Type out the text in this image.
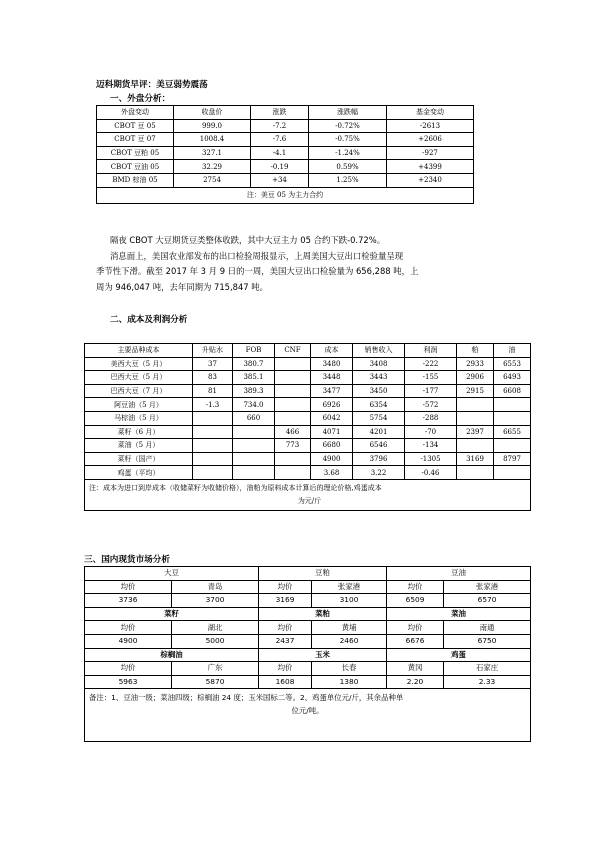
迈科期货早评：美豆弱势震荡
一、外盘分析：
外盘变动	收盘价	涨跌	涨跌幅	基金变动
CBOT 豆 05	999.0	-7.2	-0.72%	-2613
CBOT 豆 07	1008.4	-7.6	-0.75%	+2606
CBOT 豆粕 05	327.1	-4.1	-1.24%	-927
CBOT 豆油 05	32.29	-0.19	0.59%	+4399
BMD 棕油 05	2754	+34	1.25%	+2340
注：美豆 05 为主力合约				
隔夜 CBOT 大豆期货豆类整体收跌，其中大豆主力 05 合约下跌-0.72%。
消息面上，美国农业部发布的出口检验周报显示，上周美国大豆出口检验量呈现
季节性下滑。截至 2017 年 3 月 9 日的一周，美国大豆出口检验量为 656,288 吨，上
周为 946,047 吨，去年同期为 715,847 吨。
二、成本及利润分析
主要品种成本	升贴水	FOB	CNF	成本	销售收入	利润	粕	油
美西大豆（5 月）	37	380.7		3480	3408	-222	2933	6553
巴西大豆（5 月）	83	385.1		3448	3443	-155	2906	6493
巴西大豆（7 月）	81	389.3		3477	3450	-177	2915	6608
阿豆油（5 月）	-1.3	734.0		6926	6354	-572		
马棕油（5 月）		660		6042	5754	-288		
菜籽（6 月）			466	4071	4201	-70	2397	6655
菜油（5 月）			773	6680	6546	-134		
菜籽（国产）				4900	3796	-1305	3169	8797
鸡蛋（平均）				3.68	3.22	-0.46		

注：成本为进口到岸成本（收储菜籽为收储价格），油粕为原料成本计算后的理论价格,鸡蛋成本
为元/斤								
三、国内现货市场分析
大豆		豆粕		豆油	
均价	青岛	均价	张家港	均价	张家港
3736	3700	3169	3100	6509	6570
菜籽		菜粕		菜油	
均价	湖北	均价	黄埔	均价	南通
4900	5000	2437	2460	6676	6750
棕榈油		玉米		鸡蛋	
均价	广东	均价	长春	黄冈	石家庄
5963	5870	1608	1380	2.20	2.33

备注：1、豆油一级；菜油四级；棕榈油 24 度；玉米国标二等。2、鸡蛋单位元/斤，其余品种单
位元/吨。					
